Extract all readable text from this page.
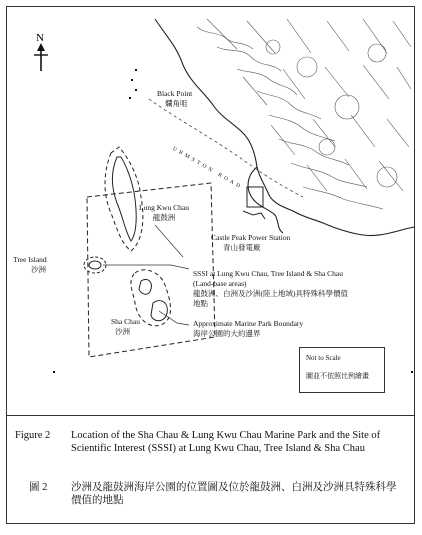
N
Black Point
爛角咀
URMSTON ROAD
Lung Kwu Chau
龍鼓洲
Castle Peak Power Station
青山發電廠
Tree Island
沙洲
Sha Chau
沙洲
SSSI at Lung Kwu Chau, Tree Island & Sha Chau
(Land-base areas)
龍鼓洲、白洲及沙洲(陸上地域)具特殊科學價值
地點
Approximate Marine Park Boundary
海岸公園的大約邊界
Not to Scale
圖並不依照比例繪畫
Figure 2	Location of the Sha Chau & Lung Kwu Chau Marine Park and the Site of Scientific Interest (SSSI) at Lung Kwu Chau, Tree Island & Sha Chau
圖 2	沙洲及龍鼓洲海岸公園的位置圖及位於龍鼓洲、白洲及沙洲具特殊科學價值的地點
